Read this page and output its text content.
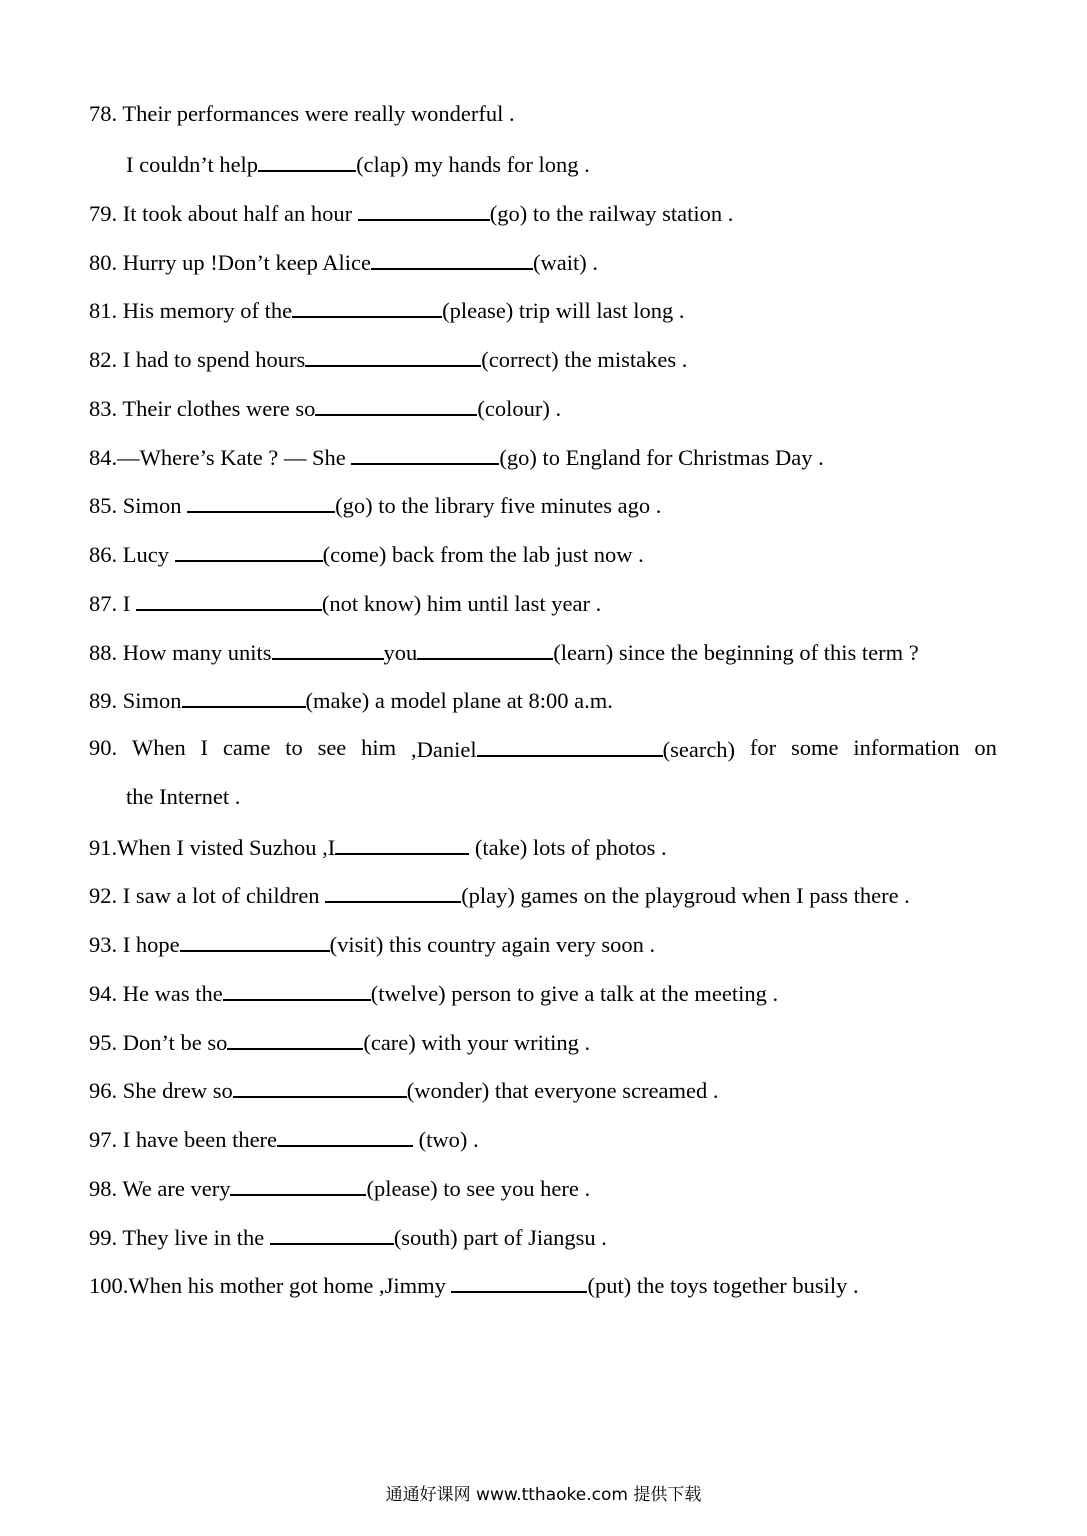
78. Their performances were really wonderful .
I couldn’t help	(clap) my hands for long .
79. It took about half an hour	(go) to the railway station .
80. Hurry up !Don’t keep Alice	(wait) .
81. His memory of the	(please) trip will last long .
82. I had to spend hours	(correct) the mistakes .
83. Their clothes were so	(colour) .
84.—Where’s Kate ? — She	(go) to England for Christmas Day .
85. Simon	(go) to the library five minutes ago .
86. Lucy	(come) back from the lab just now .
87. I	(not know) him until last year .
88. How many units	you	(learn) since the beginning of this term ?
89. Simon	(make) a model plane at 8:00 a.m.
90. When I came to see him ,Daniel	(search) for some information on
the Internet .
91.When I visted Suzhou ,I	(take) lots of photos .
92. I saw a lot of children	(play) games on the playgroud when I pass there .
93. I hope	(visit) this country again very soon .
94. He was the	(twelve) person to give a talk at the meeting .
95. Don’t be so	(care) with your writing .
96. She drew so	(wonder) that everyone screamed .
97. I have been there	(two) .
98. We are very	(please) to see you here .
99. They live in the	(south) part of Jiangsu .
100.When his mother got home ,Jimmy	(put) the toys together busily .
通通好课网 www.tthaoke.com 提供下载
